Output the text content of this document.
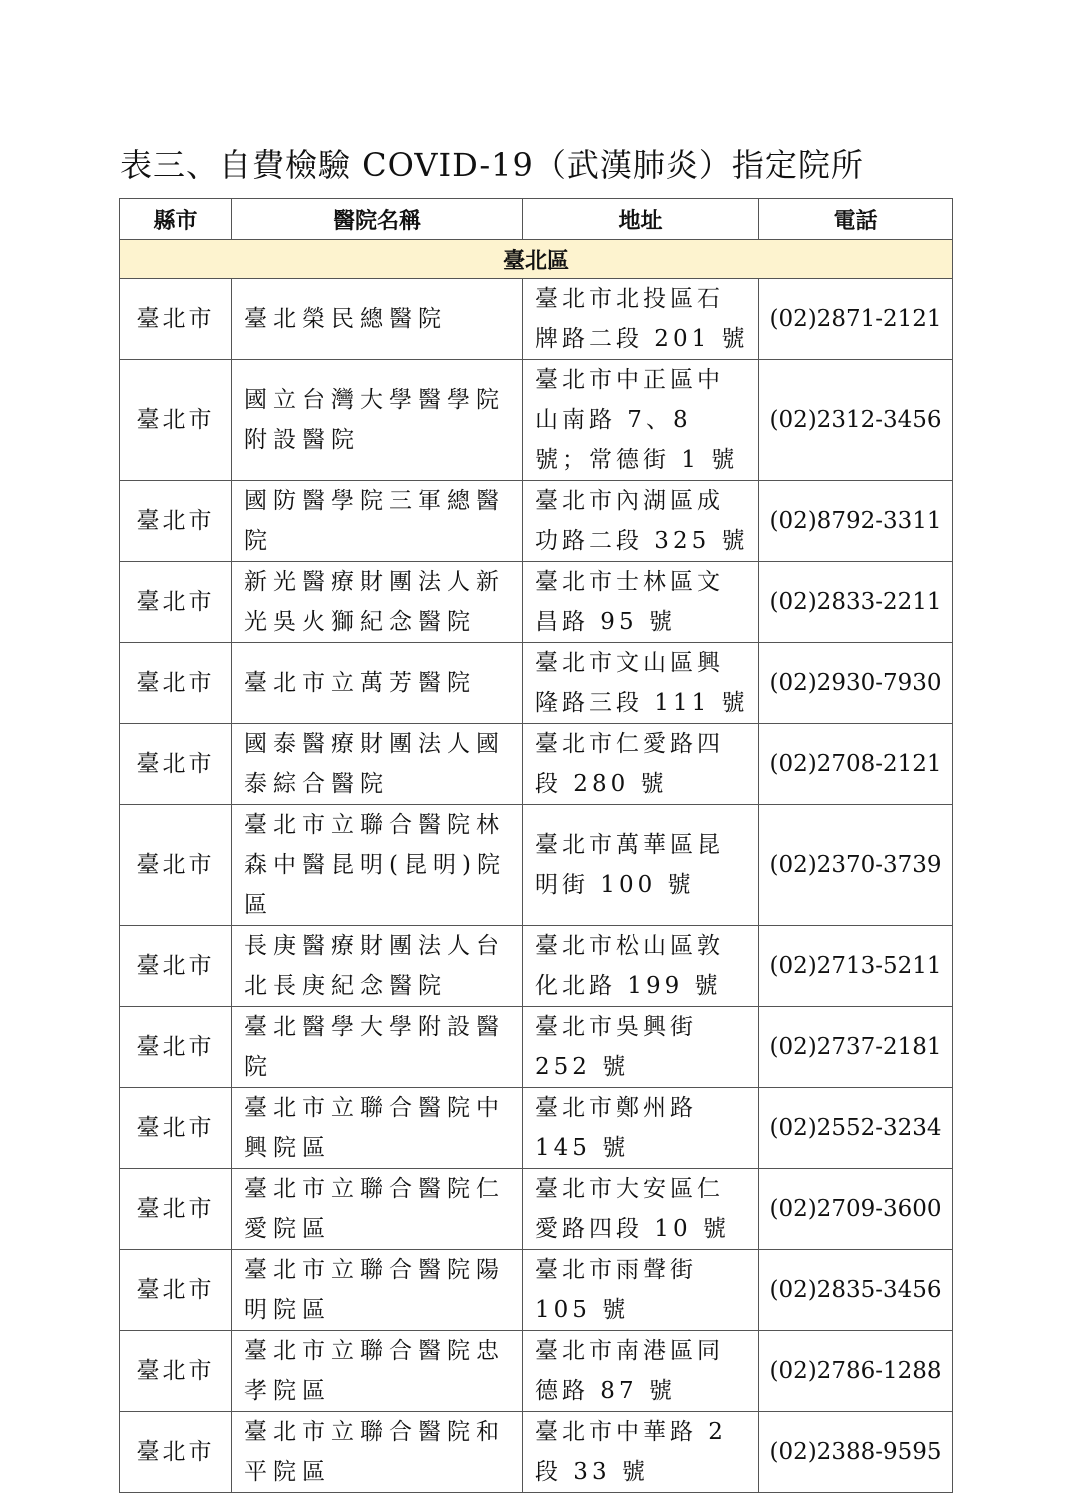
表三、自費檢驗 COVID-19（武漢肺炎）指定院所
縣市	醫院名稱	地址	電話
臺北區			
臺北市	臺北榮民總醫院	臺北市北投區石牌路二段 201 號	(02)2871-2121
臺北市	國立台灣大學醫學院附設醫院	臺北市中正區中山南路 7、8 號；常德街 1 號	(02)2312-3456
臺北市	國防醫學院三軍總醫院	臺北市內湖區成功路二段 325 號	(02)8792-3311
臺北市	新光醫療財團法人新光吳火獅紀念醫院	臺北市士林區文昌路 95 號	(02)2833-2211
臺北市	臺北市立萬芳醫院	臺北市文山區興隆路三段 111 號	(02)2930-7930
臺北市	國泰醫療財團法人國泰綜合醫院	臺北市仁愛路四段 280 號	(02)2708-2121
臺北市	臺北市立聯合醫院林森中醫昆明(昆明)院區	臺北市萬華區昆明街 100 號	(02)2370-3739
臺北市	長庚醫療財團法人台北長庚紀念醫院	臺北市松山區敦化北路 199 號	(02)2713-5211
臺北市	臺北醫學大學附設醫院	臺北市吳興街 252 號	(02)2737-2181
臺北市	臺北市立聯合醫院中興院區	臺北市鄭州路 145 號	(02)2552-3234
臺北市	臺北市立聯合醫院仁愛院區	臺北市大安區仁愛路四段 10 號	(02)2709-3600
臺北市	臺北市立聯合醫院陽明院區	臺北市雨聲街 105 號	(02)2835-3456
臺北市	臺北市立聯合醫院忠孝院區	臺北市南港區同德路 87 號	(02)2786-1288
臺北市	臺北市立聯合醫院和平院區	臺北市中華路 2 段 33 號	(02)2388-9595
